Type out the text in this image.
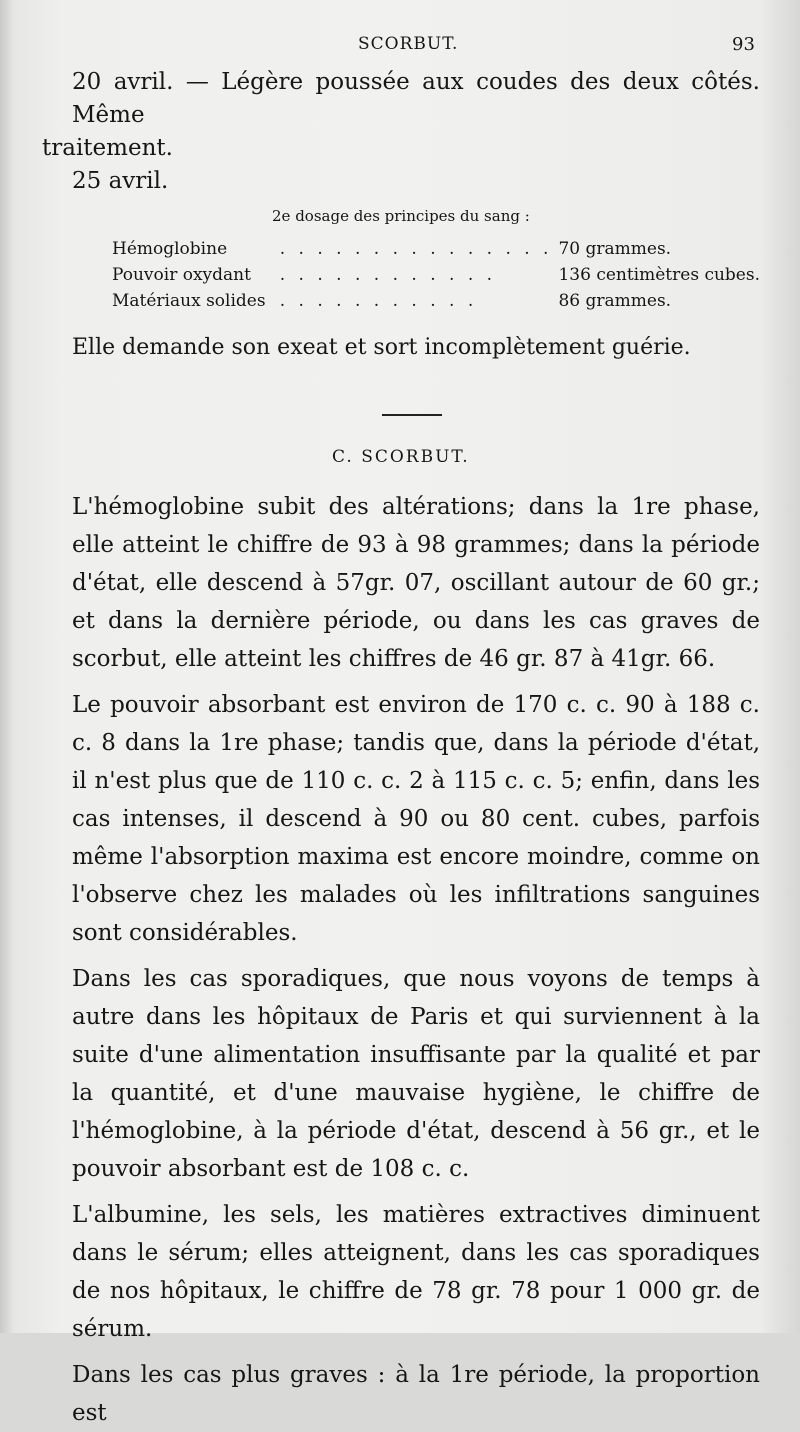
SCORBUT.	93
20 avril. — Légère poussée aux coudes des deux côtés. Même
traitement.
25 avril.
2e dosage des principes du sang :
Hémoglobine	. . . . . . . . . . . . . . .	70 grammes.
Pouvoir oxydant	. . . . . . . . . . . .	136 centimètres cubes.
Matériaux solides	. . . . . . . . . . .	86 grammes.
Elle demande son exeat et sort incomplètement guérie.
C. SCORBUT.

L'hémoglobine subit des altérations; dans la 1re phase, elle atteint le chiffre de 93 à 98 grammes; dans la période d'état, elle descend à 57gr. 07, oscillant autour de 60 gr.; et dans la dernière période, ou dans les cas graves de scorbut, elle atteint les chiffres de 46 gr. 87 à 41gr. 66.

Le pouvoir absorbant est environ de 170 c. c. 90 à 188 c. c. 8 dans la 1re phase; tandis que, dans la période d'état, il n'est plus que de 110 c. c. 2 à 115 c. c. 5; enfin, dans les cas intenses, il descend à 90 ou 80 cent. cubes, parfois même l'absorption maxima est encore moindre, comme on l'observe chez les malades où les infiltrations sanguines sont considérables.

Dans les cas sporadiques, que nous voyons de temps à autre dans les hôpitaux de Paris et qui surviennent à la suite d'une alimentation insuffisante par la qualité et par la quantité, et d'une mauvaise hygiène, le chiffre de l'hémoglobine, à la période d'état, descend à 56 gr., et le pouvoir absorbant est de 108 c. c.

L'albumine, les sels, les matières extractives diminuent dans le sérum; elles atteignent, dans les cas sporadiques de nos hôpitaux, le chiffre de 78 gr. 78 pour 1 000 gr. de sérum.

Dans les cas plus graves : à la 1re période, la proportion est
